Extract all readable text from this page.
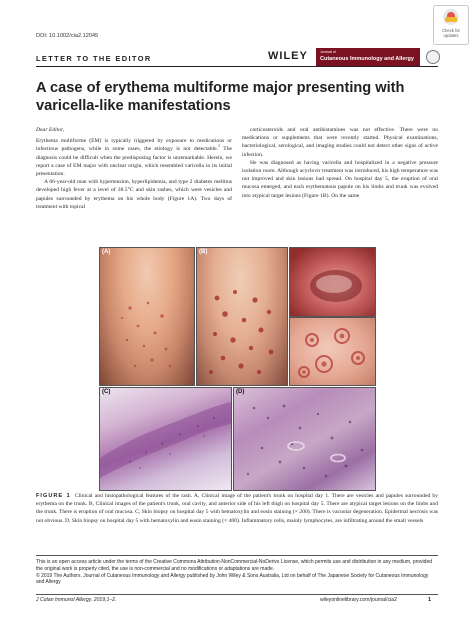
DOI: 10.1002/cia2.12045
Check for
updates
LETTER TO THE EDITOR	WILEY	Journal of
Cutaneous Immunology and Allergy
A case of erythema multiforme major presenting with varicella-like manifestations

Dear Editor,

Erythema multiforme (EM) is typically triggered by exposure to medications or infectious pathogens, while in some cases, the etiology is not detectable.$^1$ The diagnosis could be difficult when the predisposing factor is unremarkable. Herein, we report a case of EM major with unclear origin, which resembled varicella in its initial presentation.

A 66-year-old man with hypertension, hyperlipidemia, and type 2 diabetes mellitus developed high fever at a level of 38.5°C and skin rashes, which were vesicles and papules surrounded by erythema on his whole body (Figure 1A). Two days of treatment with topical

corticosteroids and oral antihistamines was not effective. There were no medications or supplements that were recently started. Physical examinations, bacteriological, serological, and imaging studies could not detect other signs of active infection.

He was diagnosed as having varicella and hospitalized in a negative pressure isolation room. Although acyclovir treatment was introduced, his high temperature was not improved and skin lesions had spread. On hospital day 5, the eruption of oral mucosa emerged, and each erythematous papule on his limbs and trunk was evolved into atypical target lesions (Figure 1B). On the same

(A)	(B)
(C)	(D)
FIGURE 1 Clinical and histopathological features of the rash. A, Clinical image of the patient's trunk on hospital day 1. There are vesicles and papules surrounded by erythema on the trunk. B, Clinical images of the patient's trunk, oral cavity, and anterior side of his left thigh on hospital day 5. There are atypical target lesions on the limbs and the trunk. There is eruption of oral mucosa. C, Skin biopsy on hospital day 5 with hematoxylin and eosin staining (× 200). There is vacuolar degeneration. Epidermal necrosis was not obvious. D, Skin biopsy on hospital day 5 with hematoxylin and eosin staining (× 400). Inflammatory cells, mainly lymphocytes, are infiltrating around the small vessels

This is an open access article under the terms of the Creative Commons Attribution-NonCommercial-NoDerivs License, which permits use and distribution in any medium, provided the original work is properly cited, the use is non-commercial and no modifications or adaptations are made.

© 2019 The Authors. Journal of Cutaneous Immunology and Allergy published by John Wiley & Sons Australia, Ltd on behalf of The Japanese Society for Cutaneous Immunology and Allergy

J Cutan Immunol Allergy. 2019;1–2.	wileyonlinelibrary.com/journal/cia2	1
